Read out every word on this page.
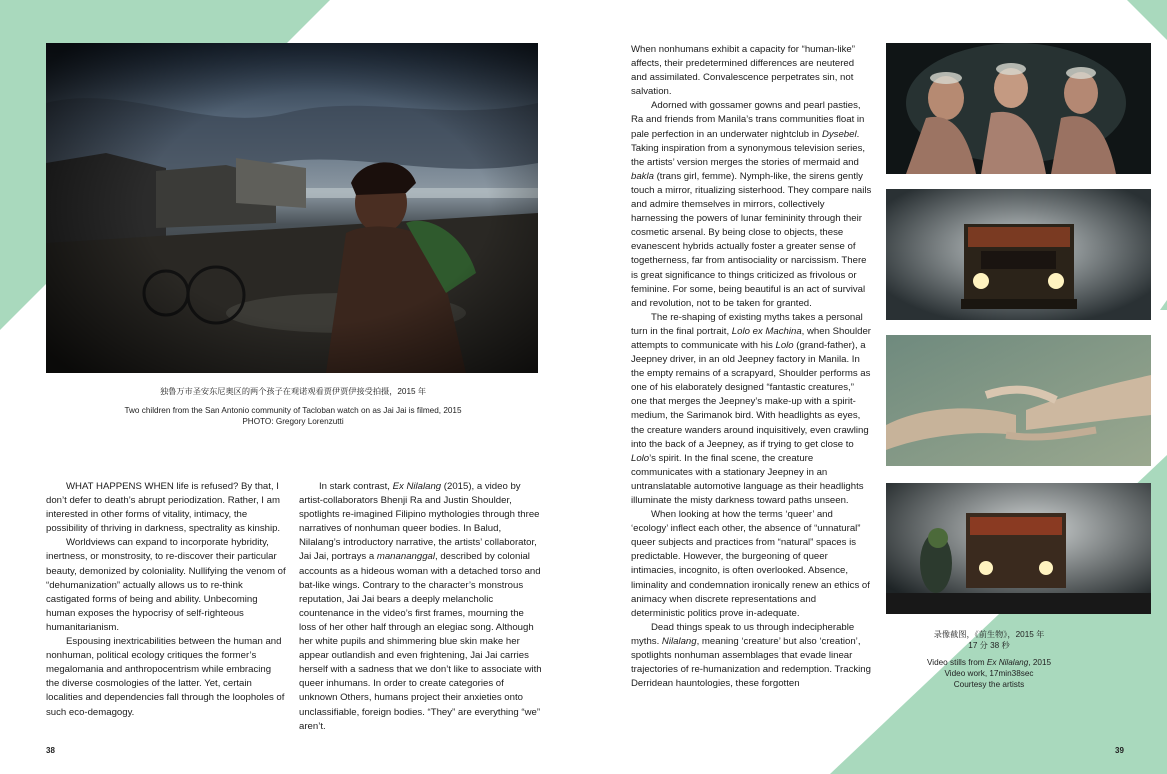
独鲁万市圣安东尼奥区的两个孩子在观诺观看贾伊贾伊接受拍摄，2015 年
Two children from the San Antonio community of Tacloban watch on as Jai Jai is filmed, 2015
PHOTO: Gregory Lorenzutti

WHAT HAPPENS WHEN life is refused? By that, I don’t defer to death’s abrupt periodization. Rather, I am interested in other forms of vitality, intimacy, the possibility of thriving in darkness, spectrality as kinship.

Worldviews can expand to incorporate hybridity, inertness, or monstrosity, to re-discover their particular beauty, demonized by coloniality. Nullifying the venom of “dehumanization” actually allows us to re-think castigated forms of being and ability. Unbecoming human exposes the hypocrisy of self-righteous humanitarianism.

Espousing inextricabilities between the human and nonhuman, political ecology critiques the former’s megalomania and anthropocentrism while embracing the diverse cosmologies of the latter. Yet, certain localities and dependencies fall through the loopholes of such eco-demagogy.

In stark contrast, Ex Nilalang (2015), a video by artist-collaborators Bhenji Ra and Justin Shoulder, spotlights re-imagined Filipino mythologies through three narratives of nonhuman queer bodies. In Balud, Nilalang’s introductory narrative, the artists’ collaborator, Jai Jai, portrays a manananggal, described by colonial accounts as a hideous woman with a detached torso and bat-like wings. Contrary to the character’s monstrous reputation, Jai Jai bears a deeply melancholic countenance in the video’s first frames, mourning the loss of her other half through an elegiac song. Although her white pupils and shimmering blue skin make her appear outlandish and even frightening, Jai Jai carries herself with a sadness that we don’t like to associate with queer inhumans. In order to create categories of unknown Others, humans project their anxieties onto unclassifiable, foreign bodies. “They” are everything “we” aren’t.

When nonhumans exhibit a capacity for “human-like” affects, their predetermined differences are neutered and assimilated. Convalescence perpetrates sin, not salvation.

Adorned with gossamer gowns and pearl pasties, Ra and friends from Manila’s trans communities float in pale perfection in an underwater nightclub in Dysebel. Taking inspiration from a synonymous television series, the artists’ version merges the stories of mermaid and bakla (trans girl, femme). Nymph-like, the sirens gently touch a mirror, ritualizing sisterhood. They compare nails and admire themselves in mirrors, collectively harnessing the powers of lunar femininity through their cosmetic arsenal. By being close to objects, these evanescent hybrids actually foster a greater sense of togetherness, far from antisociality or narcissism. There is great significance to things criticized as frivolous or feminine. For some, being beautiful is an act of survival and revolution, not to be taken for granted.

The re-shaping of existing myths takes a personal turn in the final portrait, Lolo ex Machina, when Shoulder attempts to communicate with his Lolo (grand-father), a Jeepney driver, in an old Jeepney factory in Manila. In the empty remains of a scrapyard, Shoulder performs as one of his elaborately designed “fantastic creatures,” one that merges the Jeepney’s make-up with a spirit-medium, the Sarimanok bird. With headlights as eyes, the creature wanders around inquisitively, even crawling into the back of a Jeepney, as if trying to get close to Lolo’s spirit. In the final scene, the creature communicates with a stationary Jeepney in an untranslatable automotive language as their headlights illuminate the misty darkness toward paths unseen.

When looking at how the terms ‘queer’ and ‘ecology’ inflect each other, the absence of “unnatural” queer subjects and practices from “natural” spaces is predictable. However, the burgeoning of queer intimacies, incognito, is often overlooked. Absence, liminality and condemnation ironically renew an ethics of animacy when discrete representations and deterministic politics prove in-adequate.

Dead things speak to us through indecipherable myths. Nilalang, meaning ‘creature’ but also ‘creation’, spotlights nonhuman assemblages that evade linear trajectories of re-humanization and redemption. Tracking Derridean hauntologies, these forgotten

录像截图，《前生物》，2015 年
17 分 38 秒
Video stills from Ex Nilalang, 2015
Video work, 17min38sec
Courtesy the artists
38	39
